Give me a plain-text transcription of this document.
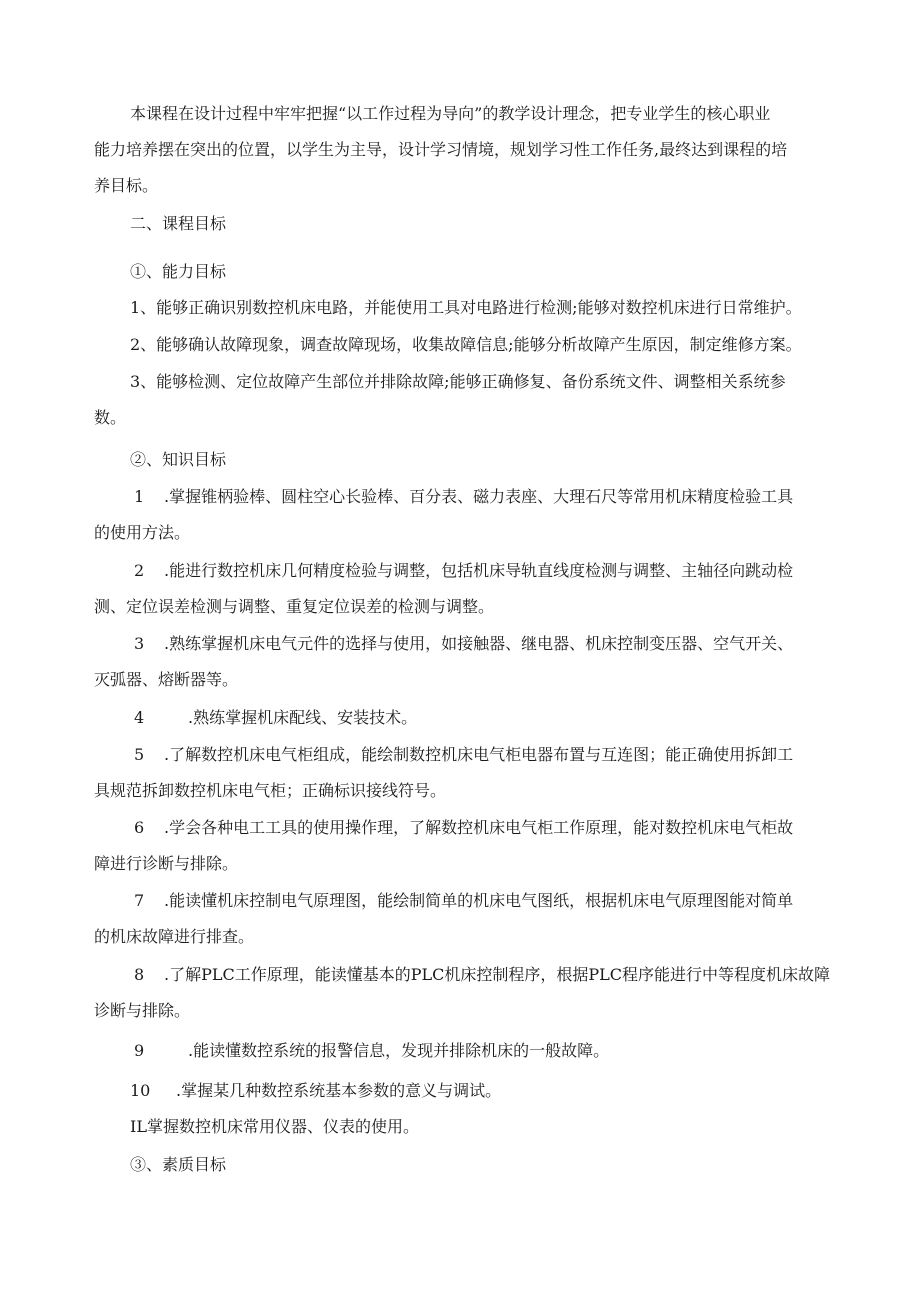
本课程在设计过程中牢牢把握“以工作过程为导向”的教学设计理念，把专业学生的核心职业
能力培养摆在突出的位置，以学生为主导，设计学习情境，规划学习性工作任务,最终达到课程的培
养目标。
二、课程目标
①、能力目标
1、能够正确识别数控机床电路，并能使用工具对电路进行检测;能够对数控机床进行日常维护。
2、能够确认故障现象，调查故障现场，收集故障信息;能够分析故障产生原因，制定维修方案。
3、能够检测、定位故障产生部位并排除故障;能够正确修复、备份系统文件、调整相关系统参
数。
②、知识目标
1 .掌握锥柄验棒、圆柱空心长验棒、百分表、磁力表座、大理石尺等常用机床精度检验工具
的使用方法。
2 .能进行数控机床几何精度检验与调整，包括机床导轨直线度检测与调整、主轴径向跳动检
测、定位误差检测与调整、重复定位误差的检测与调整。
3 .熟练掌握机床电气元件的选择与使用，如接触器、继电器、机床控制变压器、空气开关、
灭弧器、熔断器等。
4	.熟练掌握机床配线、安装技术。
5 .了解数控机床电气柜组成，能绘制数控机床电气柜电器布置与互连图；能正确使用拆卸工
具规范拆卸数控机床电气柜；正确标识接线符号。
6 .学会各种电工工具的使用操作理，了解数控机床电气柜工作原理，能对数控机床电气柜故
障进行诊断与排除。
7 .能读懂机床控制电气原理图，能绘制简单的机床电气图纸，根据机床电气原理图能对简单
的机床故障进行排查。
8 .了解PLC工作原理，能读懂基本的PLC机床控制程序，根据PLC程序能进行中等程度机床故障
诊断与排除。
9	.能读懂数控系统的报警信息，发现并排除机床的一般故障。
10 .掌握某几种数控系统基本参数的意义与调试。
IL掌握数控机床常用仪器、仪表的使用。
③、素质目标
